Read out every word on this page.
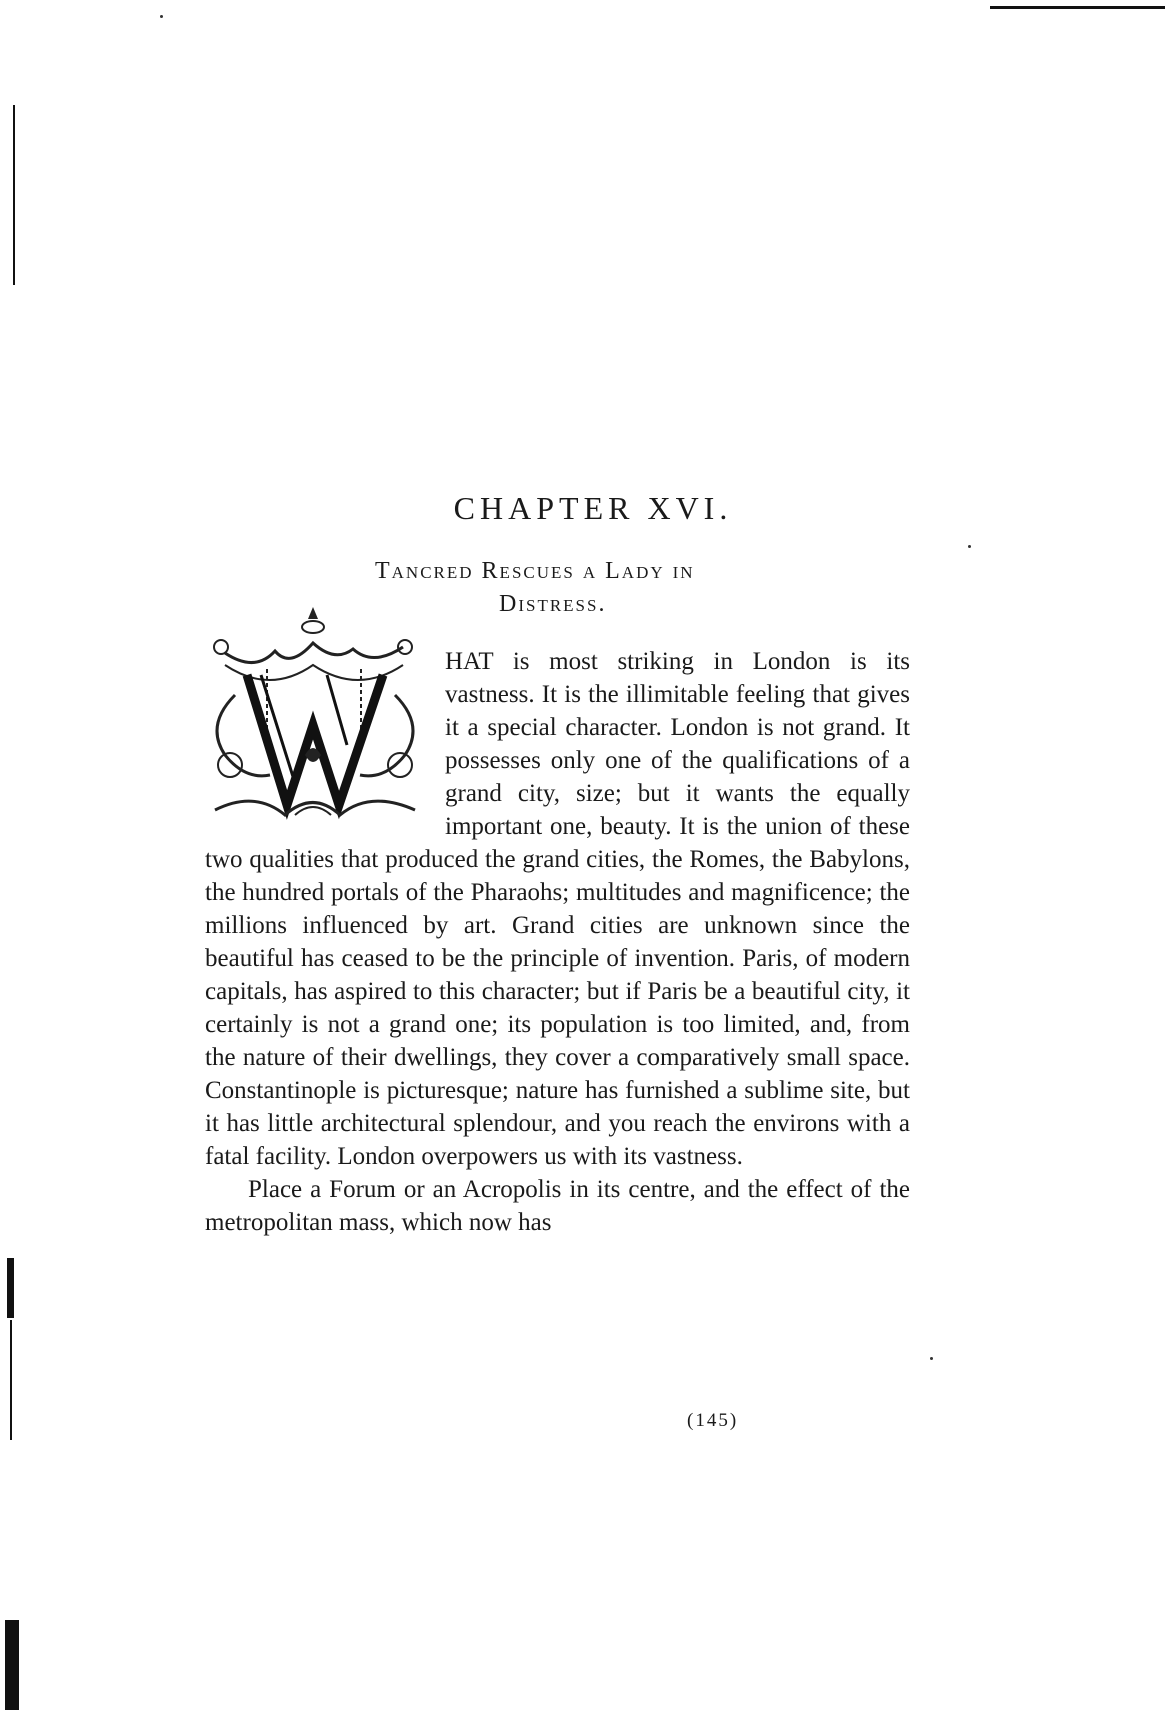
CHAPTER XVI.
Tancred Rescues a Lady in
Distress.

HAT is most striking in London is its vastness. It is the illimitable feeling that gives it a special character. London is not grand. It possesses only one of the qualifications of a grand city, size; but it wants the equally important one, beauty. It is the union of these two qualities that produced the grand cities, the Romes, the Babylons, the hundred portals of the Pharaohs; multitudes and magnificence; the millions influenced by art. Grand cities are unknown since the beautiful has ceased to be the principle of invention. Paris, of modern capitals, has aspired to this character; but if Paris be a beautiful city, it certainly is not a grand one; its population is too limited, and, from the nature of their dwellings, they cover a comparatively small space. Constantinople is picturesque; nature has furnished a sublime site, but it has little architectural splendour, and you reach the environs with a fatal facility. London overpowers us with its vastness.

Place a Forum or an Acropolis in its centre, and the effect of the metropolitan mass, which now has

(145)
